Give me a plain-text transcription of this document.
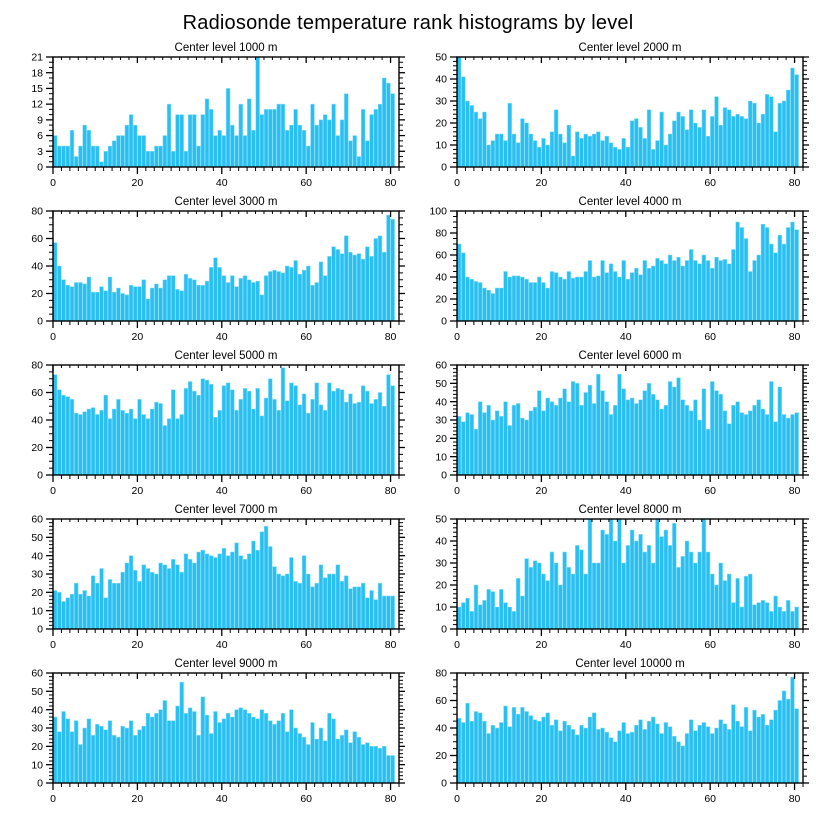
Radiosonde temperature rank histograms by level
0
3
6
9
12
15
18
21
0	20	40	60	80
Center level 1000 m
0
10
20
30
40
50
0	20	40	60	80
Center level 2000 m
0
20
40
60
80
0	20	40	60	80
Center level 3000 m
0
20
40
60
80
100
0	20	40	60	80
Center level 4000 m
0
20
40
60
80
0	20	40	60	80
Center level 5000 m
0
10
20
30
40
50
60
0	20	40	60	80
Center level 6000 m
0
10
20
30
40
50
60
0	20	40	60	80
Center level 7000 m
0
10
20
30
40
50
0	20	40	60	80
Center level 8000 m
0
10
20
30
40
50
60
0	20	40	60	80
Center level 9000 m
0
20
40
60
80
0	20	40	60	80
Center level 10000 m
